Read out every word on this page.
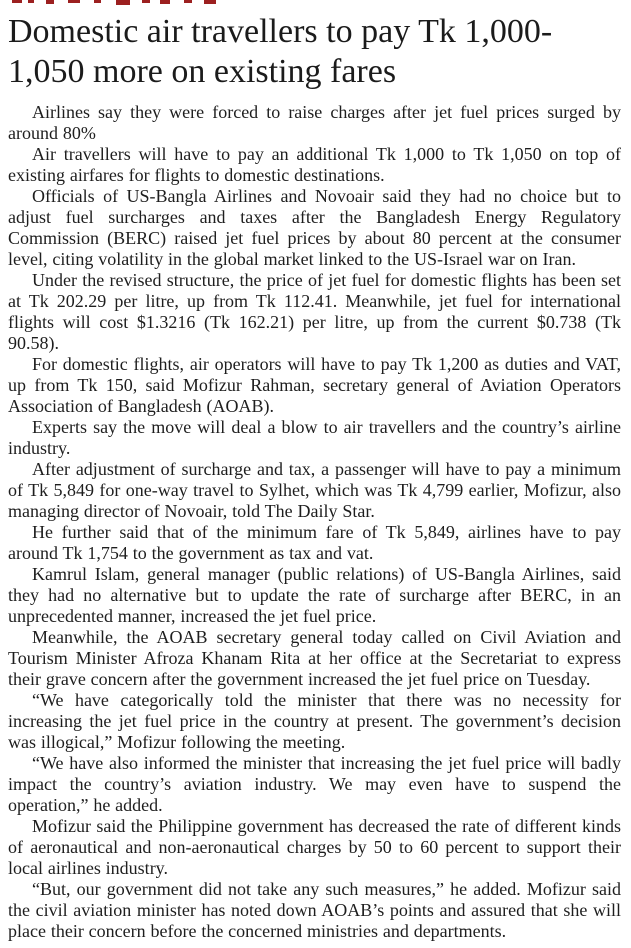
Domestic air travellers to pay Tk 1,000-1,050 more on existing fares

Airlines say they were forced to raise charges after jet fuel prices surged by around 80%

Air travellers will have to pay an additional Tk 1,000 to Tk 1,050 on top of existing airfares for flights to domestic destinations.

Officials of US-Bangla Airlines and Novoair said they had no choice but to adjust fuel surcharges and taxes after the Bangladesh Energy Regulatory Commission (BERC) raised jet fuel prices by about 80 percent at the consumer level, citing volatility in the global market linked to the US-Israel war on Iran.

Under the revised structure, the price of jet fuel for domestic flights has been set at Tk 202.29 per litre, up from Tk 112.41. Meanwhile, jet fuel for international flights will cost $1.3216 (Tk 162.21) per litre, up from the current $0.738 (Tk 90.58).

For domestic flights, air operators will have to pay Tk 1,200 as duties and VAT, up from Tk 150, said Mofizur Rahman, secretary general of Aviation Operators Association of Bangladesh (AOAB).

Experts say the move will deal a blow to air travellers and the country’s airline industry.

After adjustment of surcharge and tax, a passenger will have to pay a minimum of Tk 5,849 for one-way travel to Sylhet, which was Tk 4,799 earlier, Mofizur, also managing director of Novoair, told The Daily Star.

He further said that of the minimum fare of Tk 5,849, airlines have to pay around Tk 1,754 to the government as tax and vat.

Kamrul Islam, general manager (public relations) of US-Bangla Airlines, said they had no alternative but to update the rate of surcharge after BERC, in an unprecedented manner, increased the jet fuel price.

Meanwhile, the AOAB secretary general today called on Civil Aviation and Tourism Minister Afroza Khanam Rita at her office at the Secretariat to express their grave concern after the government increased the jet fuel price on Tuesday.

“We have categorically told the minister that there was no necessity for increasing the jet fuel price in the country at present. The government’s decision was illogical,” Mofizur following the meeting.

“We have also informed the minister that increasing the jet fuel price will badly impact the country’s aviation industry. We may even have to suspend the operation,” he added.

Mofizur said the Philippine government has decreased the rate of different kinds of aeronautical and non-aeronautical charges by 50 to 60 percent to support their local airlines industry.

“But, our government did not take any such measures,” he added. Mofizur said the civil aviation minister has noted down AOAB’s points and assured that she will place their concern before the concerned ministries and departments.
